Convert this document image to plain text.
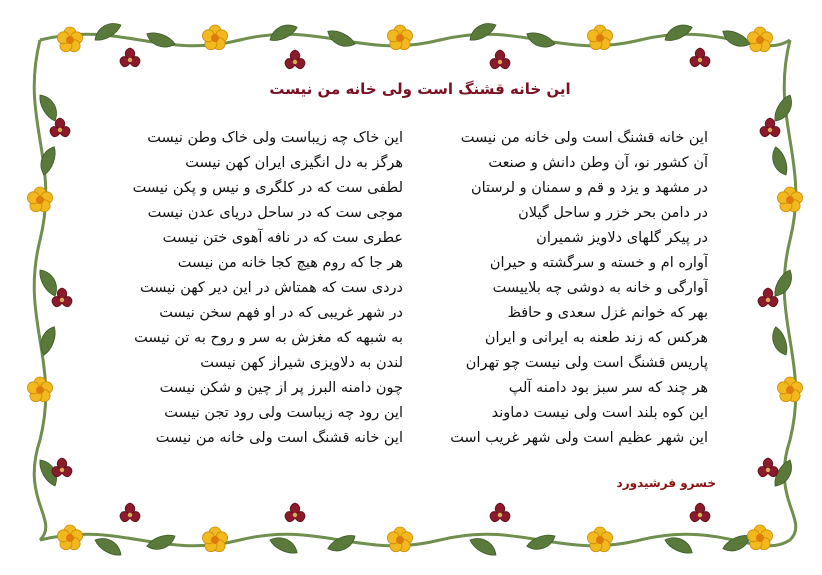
این خانه قشنگ است ولی خانه من نیست
این خانه قشنگ است ولی خانه من نیست
آن کشور نو، آن وطن دانش و صنعت
در مشهد و یزد و قم و سمنان و لرستان
در دامن بحر خزر و ساحل گیلان
در پیکر گلهای دلاویز شمیران
آواره ام و خسته و سرگشته و حیران
آوارگی و خانه به دوشی چه بلاییست
بهر که خوانم غزل سعدی و حافظ
هرکس که زند طعنه به ایرانی و ایران
پاریس قشنگ است ولی نیست چو تهران
هر چند که سر سبز بود دامنه آلپ
این کوه بلند است ولی نیست دماوند
این شهر عظیم است ولی شهر غریب است
این خاک چه زیباست ولی خاک وطن نیست
هرگز به دل انگیزی ایران کهن نیست
لطفی ست که در کلگری و نیس و پکن نیست
موجی ست که در ساحل دریای عدن نیست
عطری ست که در نافه آهوی ختن نیست
هر جا که روم هیچ کجا خانه من نیست
دردی ست که همتاش در این دیر کهن نیست
در شهر غریبی که در او فهم سخن نیست
به شبهه که مغزش به سر و روح به تن نیست
لندن به دلاویزی شیراز کهن نیست
چون دامنه البرز پر از چین و شکن نیست
این رود چه زیباست ولی رود تجن نیست
این خانه قشنگ است ولی خانه من نیست
خسرو فرشیدورد
